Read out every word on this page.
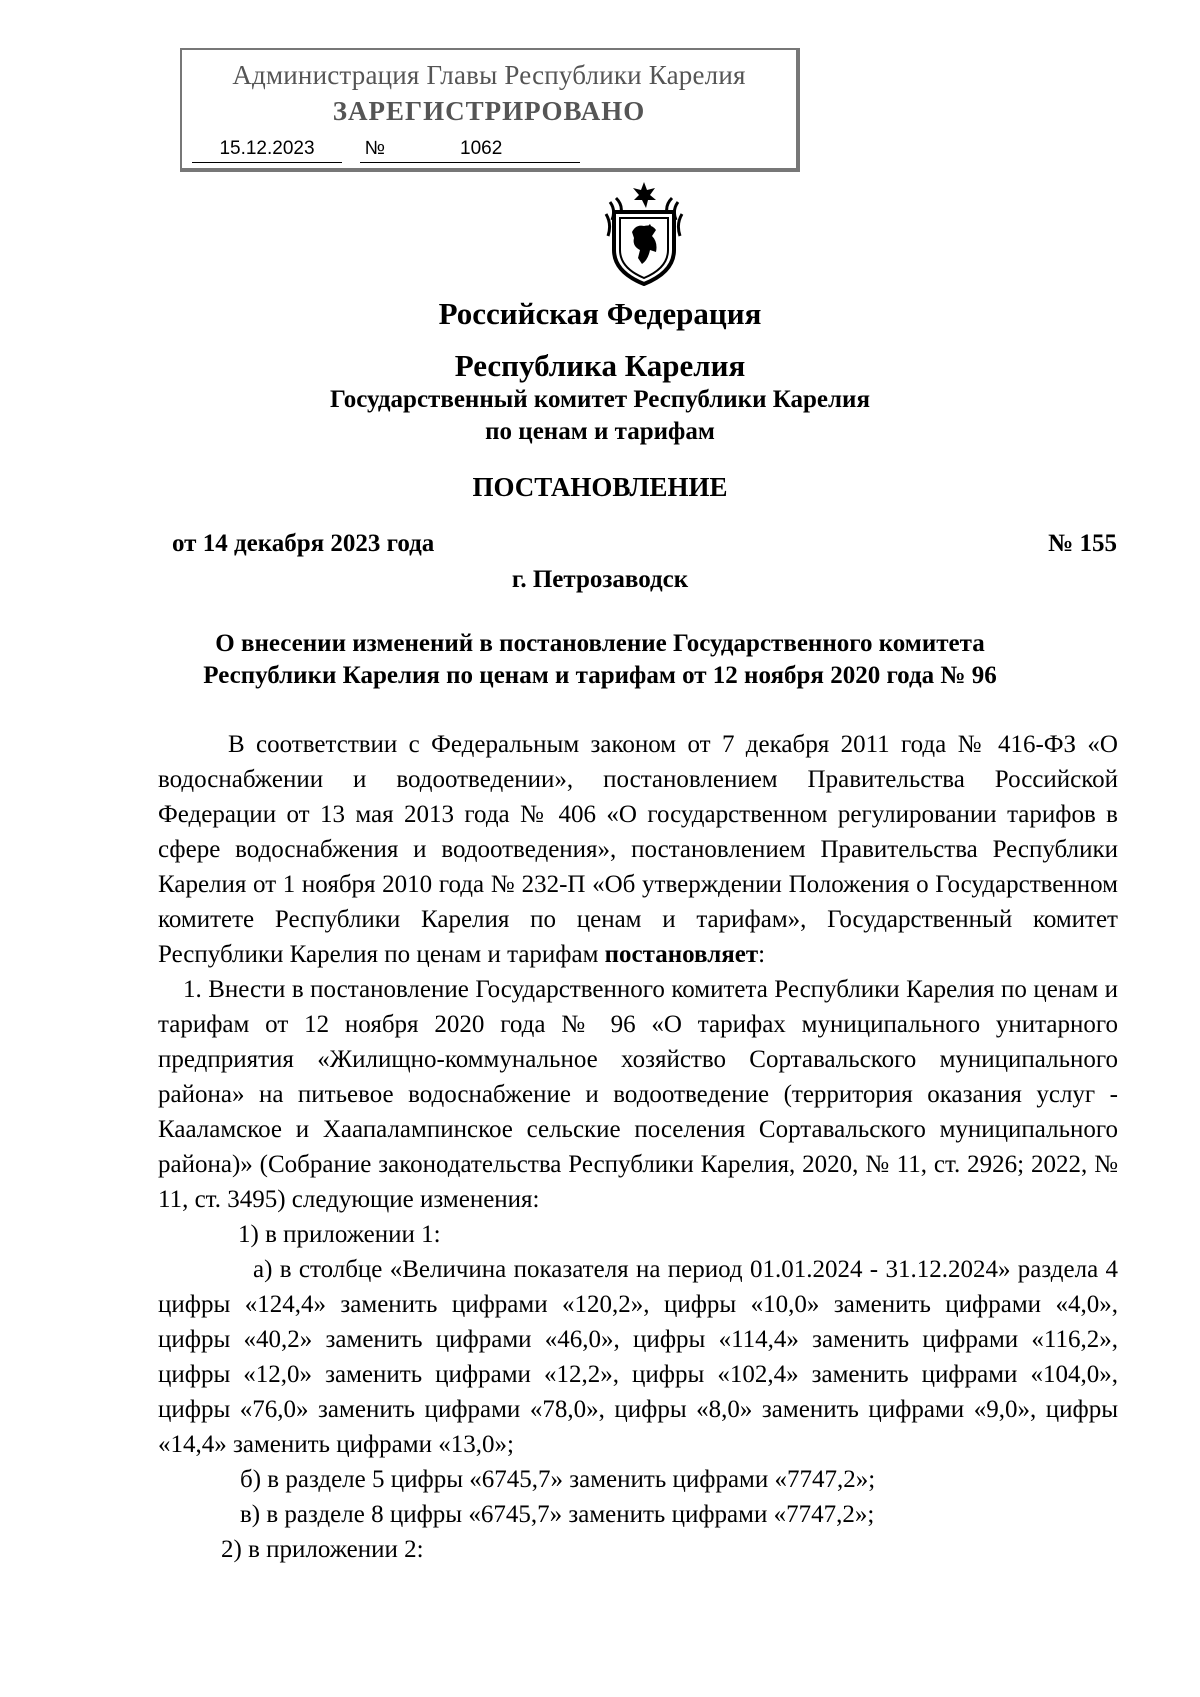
Администрация Главы Республики Карелия
ЗАРЕГИСТРИРОВАНО
15.12.2023	№	1062
Российская Федерация
Республика Карелия
Государственный комитет Республики Карелия
по ценам и тарифам
ПОСТАНОВЛЕНИЕ
от 14 декабря 2023 года	№ 155
г. Петрозаводск
О внесении изменений в постановление Государственного комитета
Республики Карелия по ценам и тарифам от 12 ноября 2020 года № 96

В соответствии с Федеральным законом от 7 декабря 2011 года № 416-ФЗ «О водоснабжении и водоотведении», постановлением Правительства Российской Федерации от 13 мая 2013 года № 406 «О государственном регулировании тарифов в сфере водоснабжения и водоотведения», постановлением Правительства Республики Карелия от 1 ноября 2010 года № 232-П «Об утверждении Положения о Государственном комитете Республики Карелия по ценам и тарифам», Государственный комитет Республики Карелия по ценам и тарифам постановляет:

1. Внести в постановление Государственного комитета Республики Карелия по ценам и тарифам от 12 ноября 2020 года № 96 «О тарифах муниципального унитарного предприятия «Жилищно-коммунальное хозяйство Сортавальского муниципального района» на питьевое водоснабжение и водоотведение (территория оказания услуг - Кааламское и Хаапалампинское сельские поселения Сортавальского муниципального района)» (Собрание законодательства Республики Карелия, 2020, № 11, ст. 2926; 2022, № 11, ст. 3495) следующие изменения:

1) в приложении 1:

а) в столбце «Величина показателя на период 01.01.2024 - 31.12.2024» раздела 4 цифры «124,4» заменить цифрами «120,2», цифры «10,0» заменить цифрами «4,0», цифры «40,2» заменить цифрами «46,0», цифры «114,4» заменить цифрами «116,2», цифры «12,0» заменить цифрами «12,2», цифры «102,4» заменить цифрами «104,0», цифры «76,0» заменить цифрами «78,0», цифры «8,0» заменить цифрами «9,0», цифры «14,4» заменить цифрами «13,0»;

б) в разделе 5 цифры «6745,7» заменить цифрами «7747,2»;

в) в разделе 8 цифры «6745,7» заменить цифрами «7747,2»;

2) в приложении 2:
